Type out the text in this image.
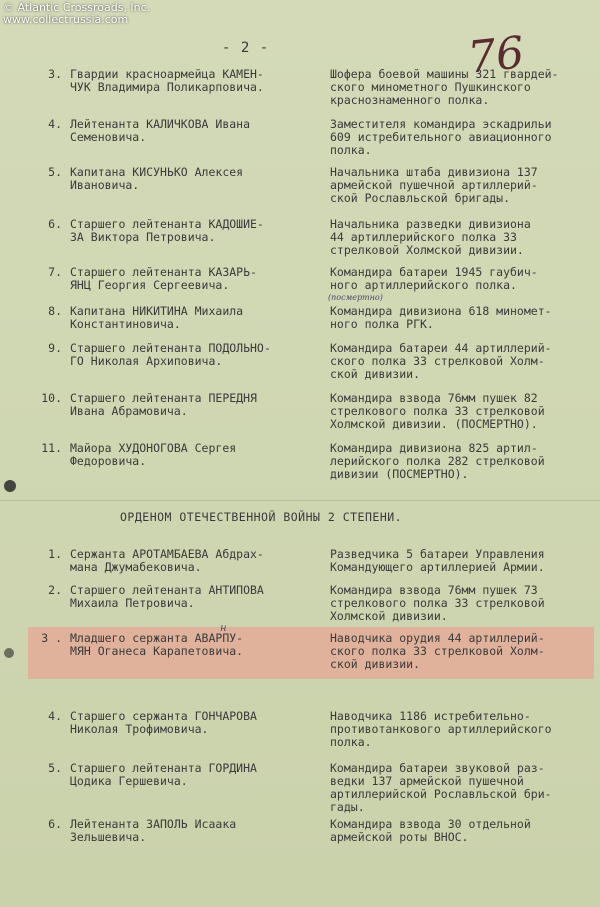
© Atlantic Crossroads, Inc.
www.collectrussia.com
- 2 -	76
3. Гвардии красноармейца КАМЕН-
ЧУК Владимира Поликарповича.
Шофера боевой машины 321 гвардей-
ского минометного Пушкинского
краснознаменного полка.
4. Лейтенанта КАЛИЧКОВА Ивана
Семеновича.
Заместителя командира эскадрильи
609 истребительного авиационного
полка.
5. Капитана КИСУНЬКО Алексея
Ивановича.
Начальника штаба дивизиона 137
армейской пушечной артиллерий-
ской Рославльской бригады.
6. Старшего лейтенанта КАДОШИЕ-
ЗА Виктора Петровича.
Начальника разведки дивизиона
44 артиллерийского полка 33
стрелковой Холмской дивизии.
7. Старшего лейтенанта КАЗАРЬ-
ЯНЦ Георгия Сергеевича.
Командира батареи 1945 гаубич-
ного артиллерийского полка.
(посмертно)
8. Капитана НИКИТИНА Михаила
Константиновича.
Командира дивизиона 618 миномет-
ного полка РГК.
9. Старшего лейтенанта ПОДОЛЬНО-
ГО Николая Архиповича.
Командира батареи 44 артиллерий-
ского полка 33 стрелковой Холм-
ской дивизии.
10. Старшего лейтенанта ПЕРЕДНЯ
Ивана Абрамовича.
Командира взвода 76мм пушек 82
стрелкового полка 33 стрелковой
Холмской дивизии. (ПОСМЕРТНО).
11. Майора ХУДОНОГОВА Сергея
Федоровича.
Командира дивизиона 825 артил-
лерийского полка 282 стрелковой
дивизии (ПОСМЕРТНО).
ОРДЕНОМ ОТЕЧЕСТВЕННОЙ ВОЙНЫ 2 СТЕПЕНИ.
1. Сержанта АРОТАМБАЕВА Абдрах-
мана Джумабековича.
Разведчика 5 батареи Управления
Командующего артиллерией Армии.
2. Старшего лейтенанта АНТИПОВА
Михаила Петровича.
Командира взвода 76мм пушек 73
стрелкового полка 33 стрелковой
Холмской дивизии.
н
3 . Младшего сержанта АВАРПУ-
МЯН Оганеса Карапетовича.
Наводчика орудия 44 артиллерий-
ского полка 33 стрелковой Холм-
ской дивизии.
4. Старшего сержанта ГОНЧАРОВА
Николая Трофимовича.
Наводчика 1186 истребительно-
противотанкового артиллерийского
полка.
5. Старшего лейтенанта ГОРДИНА
Цодика Гершевича.
Командира батареи звуковой раз-
ведки 137 армейской пушечной
артиллерийской Рославльской бри-
гады.
6. Лейтенанта ЗАПОЛЬ Исаака
Зельшевича.
Командира взвода 30 отдельной
армейской роты ВНОС.
